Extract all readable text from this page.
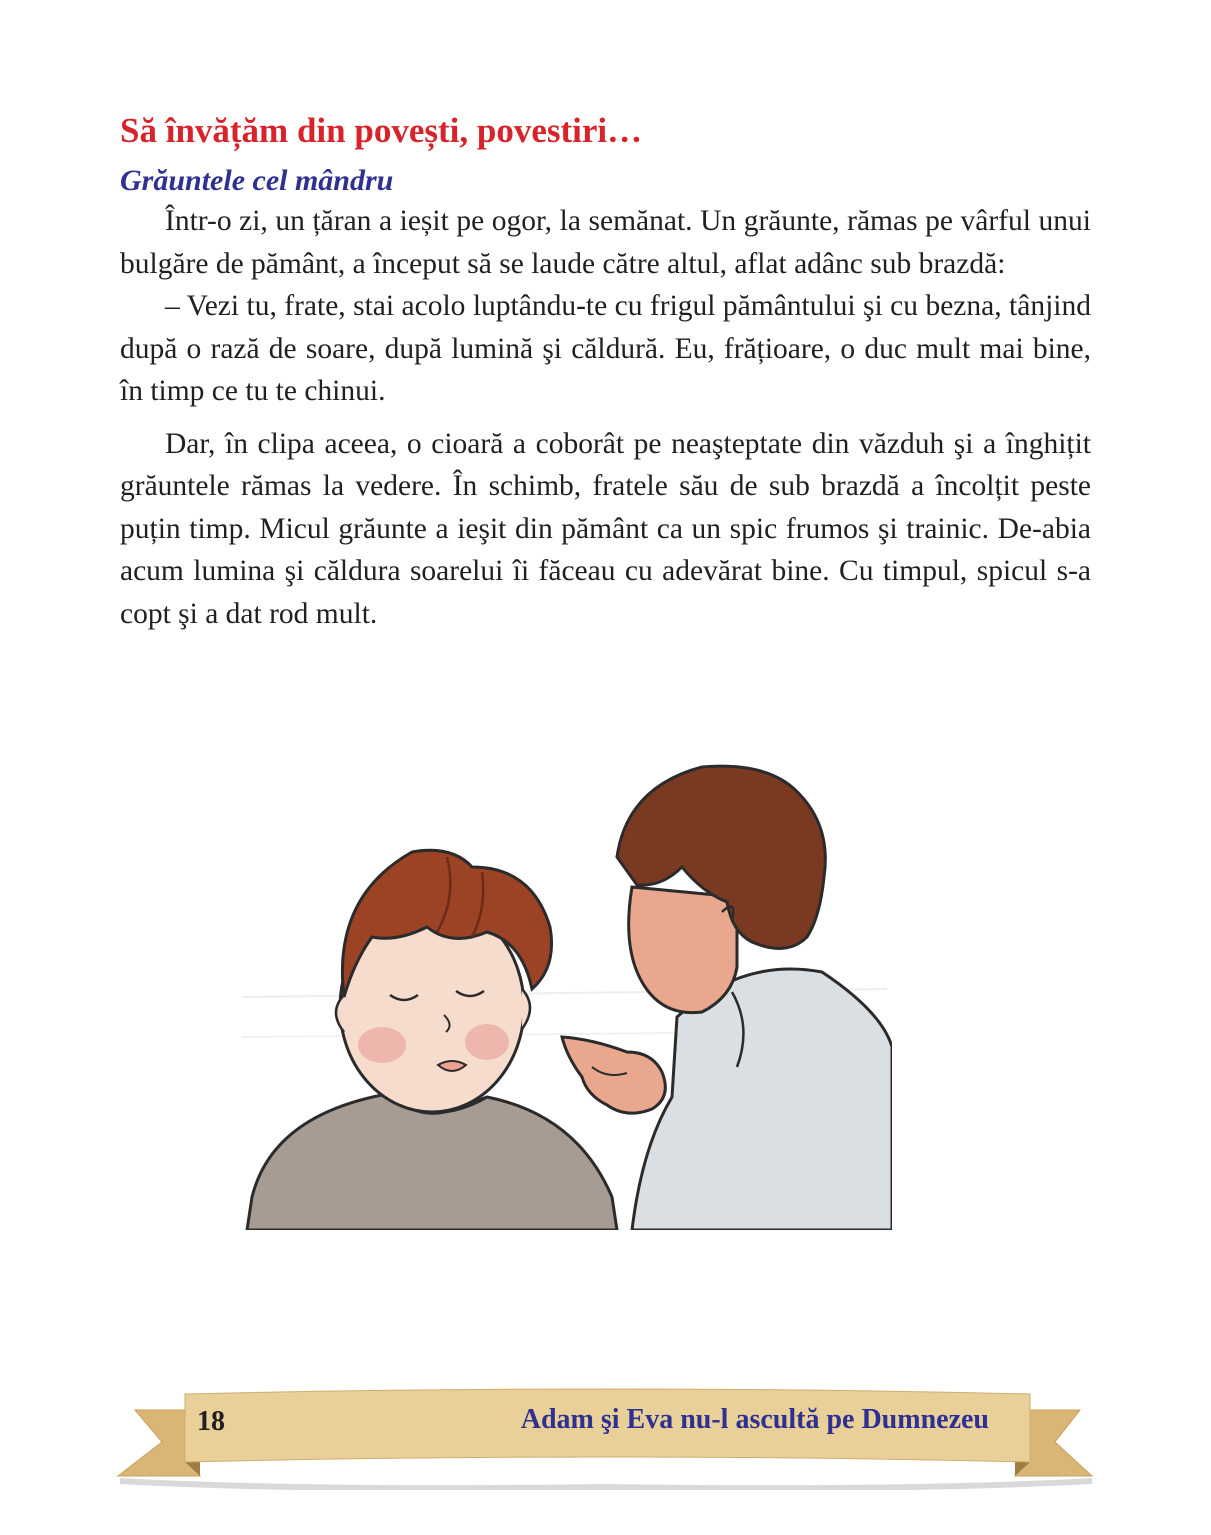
Să învățăm din povești, povestiri…
Grăuntele cel mândru

Într-o zi, un țăran a ieșit pe ogor, la semănat. Un grăunte, rămas pe vârful unui bulgăre de pământ, a început să se laude către altul, aflat adânc sub brazdă:

– Vezi tu, frate, stai acolo luptându-te cu frigul pământului şi cu bezna, tânjind după o rază de soare, după lumină şi căldură. Eu, frățioare, o duc mult mai bine, în timp ce tu te chinui.

Dar, în clipa aceea, o cioară a coborât pe neaşteptate din văzduh şi a înghițit grăuntele rămas la vedere. În schimb, fratele său de sub brazdă a încolțit peste puțin timp. Micul grăunte a ieşit din pământ ca un spic frumos şi trainic. De-abia acum lumina şi căldura soarelui îi făceau cu adevărat bine. Cu timpul, spicul s-a copt şi a dat rod mult.

18	Adam şi Eva nu-l ascultă pe Dumnezeu
